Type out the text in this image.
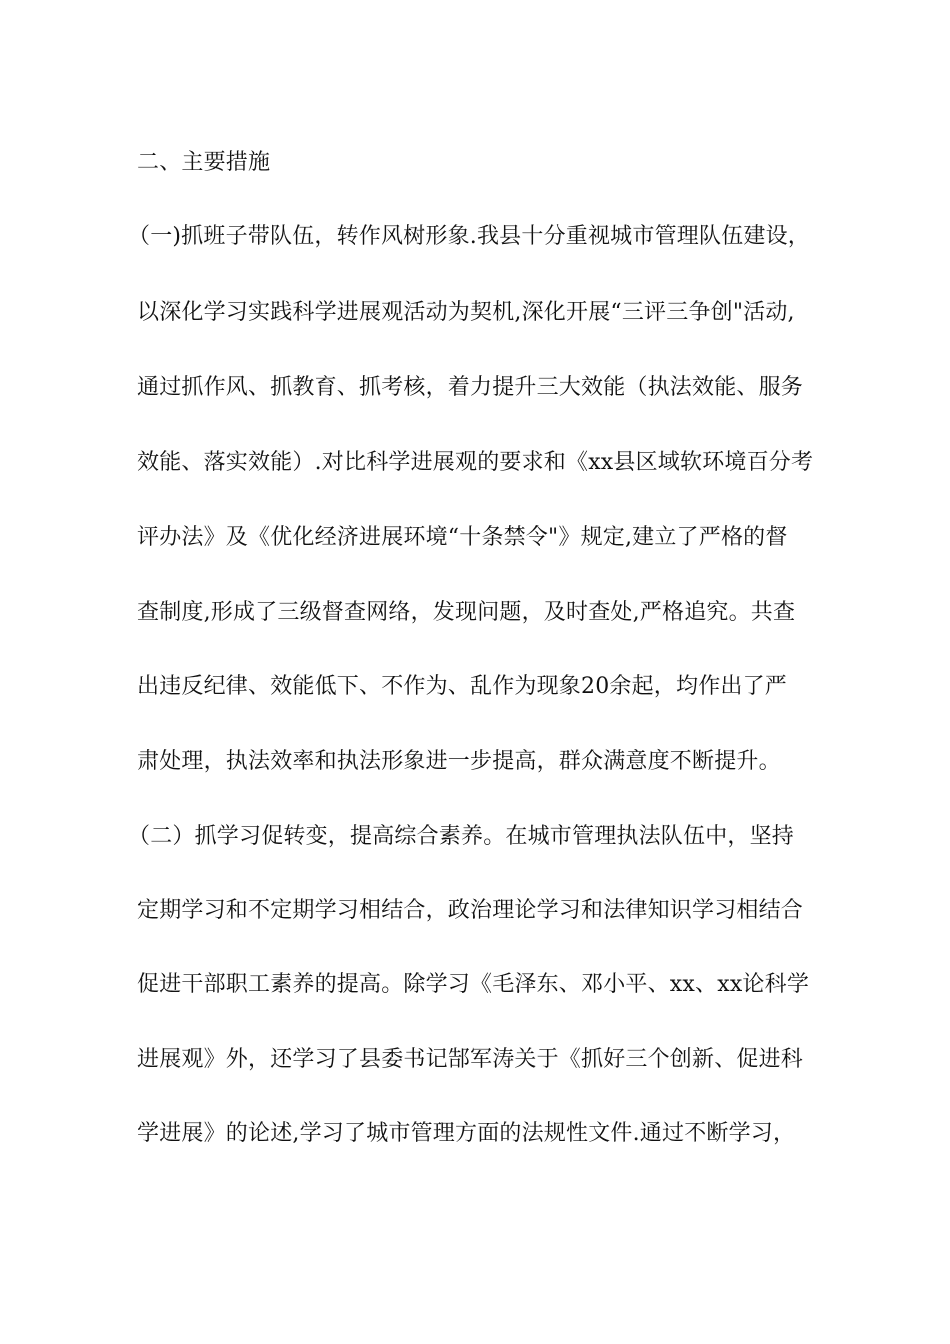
二、主要措施
（一)抓班子带队伍，转作风树形象.我县十分重视城市管理队伍建设，
以深化学习实践科学进展观活动为契机,深化开展“三评三争创"活动,
通过抓作风、抓教育、抓考核，着力提升三大效能（执法效能、服务
效能、落实效能）.对比科学进展观的要求和《xx县区域软环境百分考
评办法》及《优化经济进展环境“十条禁令"》规定,建立了严格的督
查制度,形成了三级督查网络，发现问题，及时查处,严格追究。共查
出违反纪律、效能低下、不作为、乱作为现象20余起，均作出了严
肃处理，执法效率和执法形象进一步提高，群众满意度不断提升。
（二）抓学习促转变，提高综合素养。在城市管理执法队伍中，坚持
定期学习和不定期学习相结合，政治理论学习和法律知识学习相结合
促进干部职工素养的提高。除学习《毛泽东、邓小平、xx、xx论科学
进展观》外，还学习了县委书记郜军涛关于《抓好三个创新、促进科
学进展》的论述,学习了城市管理方面的法规性文件.通过不断学习，
